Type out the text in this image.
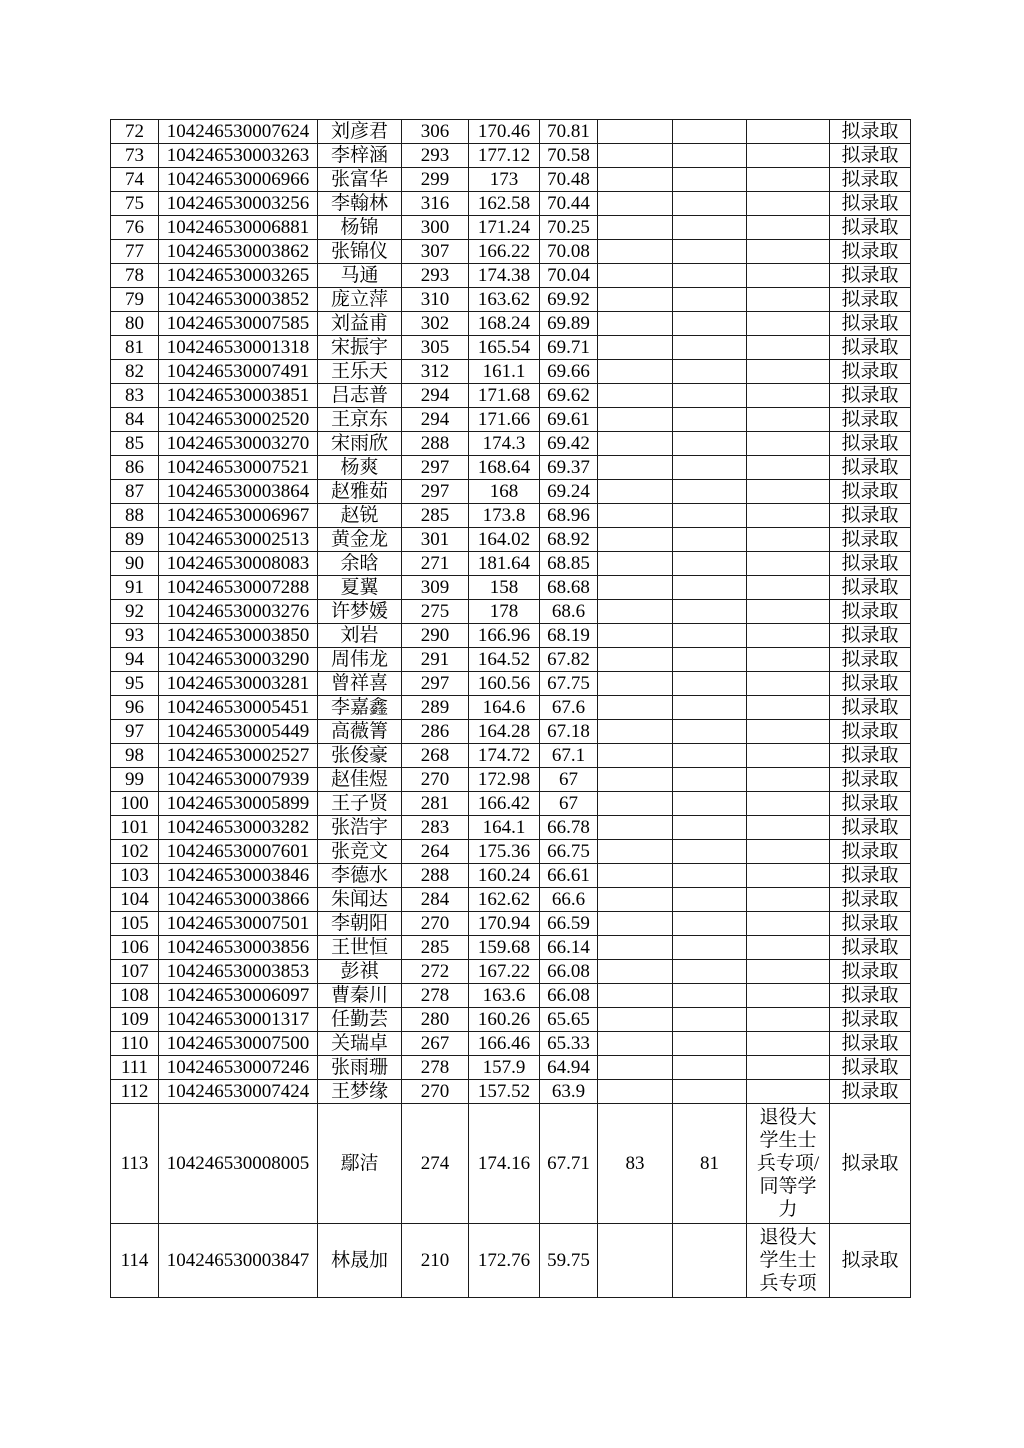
72	104246530007624	刘彦君	306	170.46	70.81				拟录取
73	104246530003263	李梓涵	293	177.12	70.58				拟录取
74	104246530006966	张富华	299	173	70.48				拟录取
75	104246530003256	李翰林	316	162.58	70.44				拟录取
76	104246530006881	杨锦	300	171.24	70.25				拟录取
77	104246530003862	张锦仪	307	166.22	70.08				拟录取
78	104246530003265	马通	293	174.38	70.04				拟录取
79	104246530003852	庞立萍	310	163.62	69.92				拟录取
80	104246530007585	刘益甫	302	168.24	69.89				拟录取
81	104246530001318	宋振宇	305	165.54	69.71				拟录取
82	104246530007491	王乐天	312	161.1	69.66				拟录取
83	104246530003851	吕志普	294	171.68	69.62				拟录取
84	104246530002520	王京东	294	171.66	69.61				拟录取
85	104246530003270	宋雨欣	288	174.3	69.42				拟录取
86	104246530007521	杨爽	297	168.64	69.37				拟录取
87	104246530003864	赵雅茹	297	168	69.24				拟录取
88	104246530006967	赵锐	285	173.8	68.96				拟录取
89	104246530002513	黄金龙	301	164.02	68.92				拟录取
90	104246530008083	余晗	271	181.64	68.85				拟录取
91	104246530007288	夏翼	309	158	68.68				拟录取
92	104246530003276	许梦媛	275	178	68.6				拟录取
93	104246530003850	刘岩	290	166.96	68.19				拟录取
94	104246530003290	周伟龙	291	164.52	67.82				拟录取
95	104246530003281	曾祥喜	297	160.56	67.75				拟录取
96	104246530005451	李嘉鑫	289	164.6	67.6				拟录取
97	104246530005449	高薇箐	286	164.28	67.18				拟录取
98	104246530002527	张俊豪	268	174.72	67.1				拟录取
99	104246530007939	赵佳煜	270	172.98	67				拟录取
100	104246530005899	王子贤	281	166.42	67				拟录取
101	104246530003282	张浩宇	283	164.1	66.78				拟录取
102	104246530007601	张竞文	264	175.36	66.75				拟录取
103	104246530003846	李德水	288	160.24	66.61				拟录取
104	104246530003866	朱闻达	284	162.62	66.6				拟录取
105	104246530007501	李朝阳	270	170.94	66.59				拟录取
106	104246530003856	王世恒	285	159.68	66.14				拟录取
107	104246530003853	彭祺	272	167.22	66.08				拟录取
108	104246530006097	曹秦川	278	163.6	66.08				拟录取
109	104246530001317	任勤芸	280	160.26	65.65				拟录取
110	104246530007500	关瑞卓	267	166.46	65.33				拟录取
111	104246530007246	张雨珊	278	157.9	64.94				拟录取
112	104246530007424	王梦缘	270	157.52	63.9				拟录取
113	104246530008005	鄢洁	274	174.16	67.71	83	81	退役大学生士兵专项/同等学力	拟录取
114	104246530003847	林晟加	210	172.76	59.75			退役大学生士兵专项	拟录取
